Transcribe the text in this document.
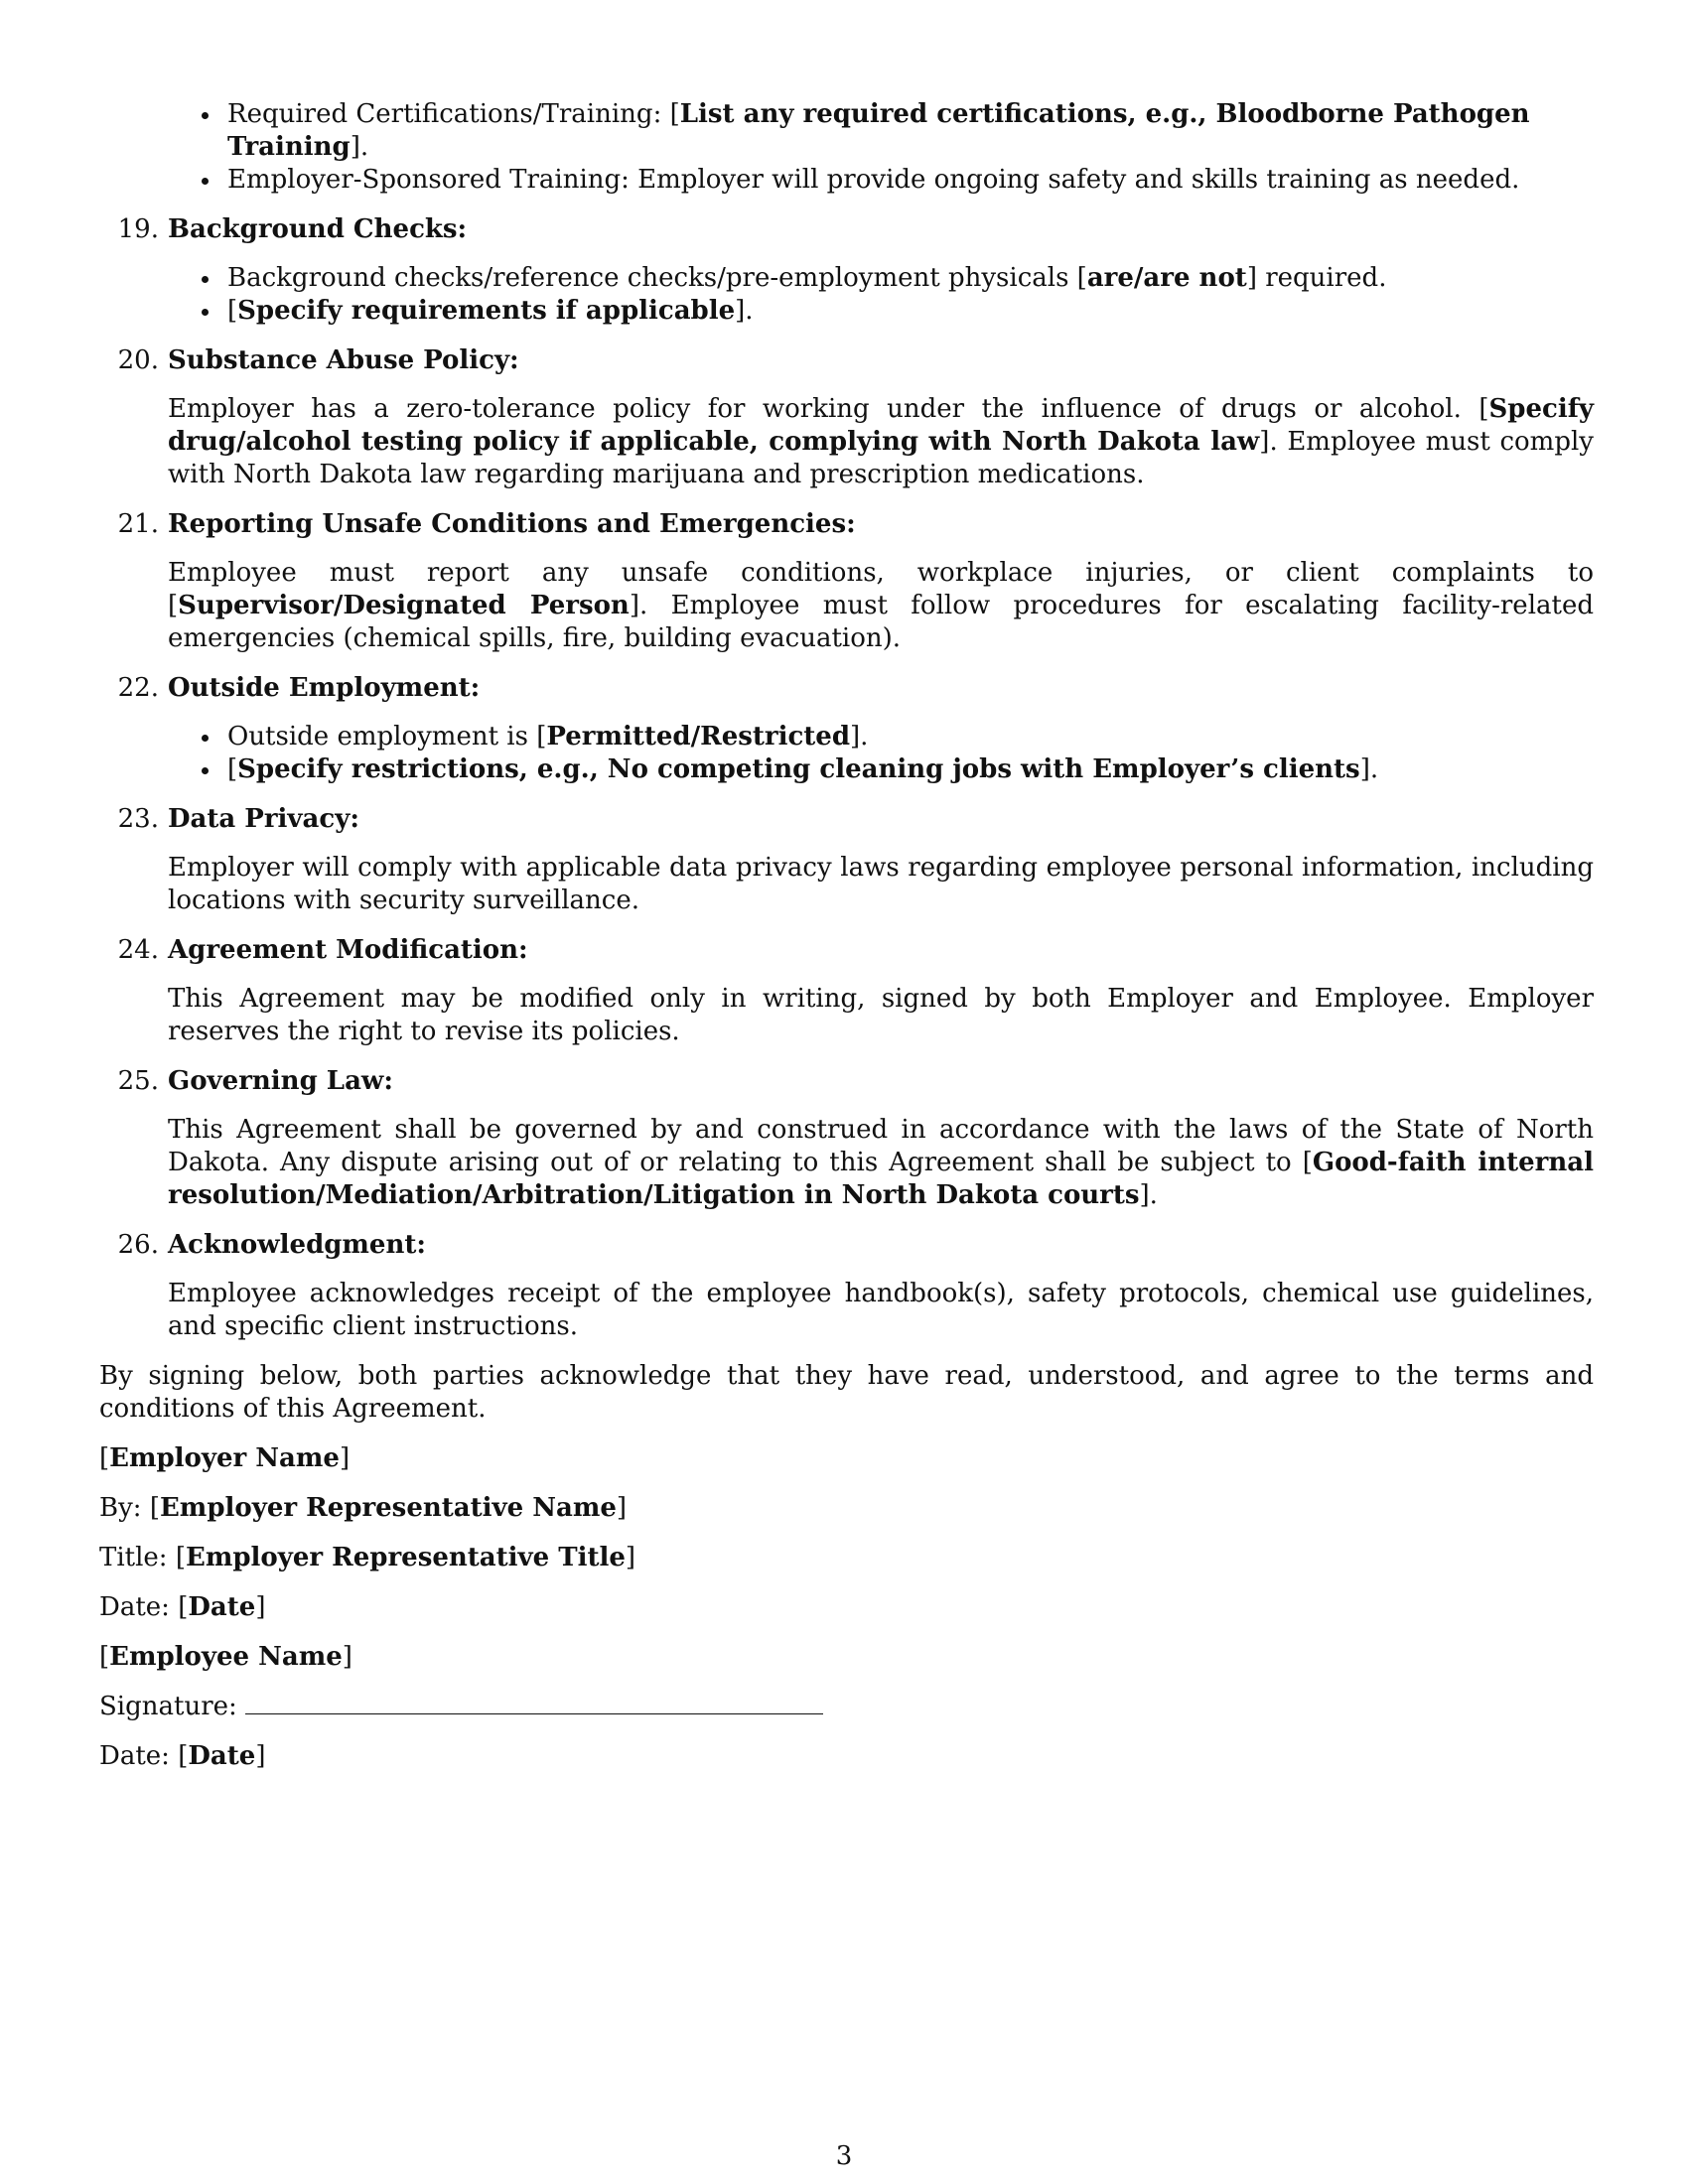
Required Certifications/Training: [List any required certifications, e.g., Bloodborne Pathogen Training].
Employer-Sponsored Training: Employer will provide ongoing safety and skills training as needed.
19. Background Checks:
Background checks/reference checks/pre-employment physicals [are/are not] required.
[Specify requirements if applicable].
20. Substance Abuse Policy:
Employer has a zero-tolerance policy for working under the influence of drugs or alcohol. [Specify drug/alcohol testing policy if applicable, complying with North Dakota law]. Employee must comply with North Dakota law regarding marijuana and prescription medications.
21. Reporting Unsafe Conditions and Emergencies:
Employee must report any unsafe conditions, workplace injuries, or client complaints to [Supervisor/Designated Person]. Employee must follow procedures for escalating facility-related emergencies (chemical spills, fire, building evacuation).
22. Outside Employment:
Outside employment is [Permitted/Restricted].
[Specify restrictions, e.g., No competing cleaning jobs with Employer’s clients].
23. Data Privacy:
Employer will comply with applicable data privacy laws regarding employee personal information, including locations with security surveillance.
24. Agreement Modification:
This Agreement may be modified only in writing, signed by both Employer and Employee. Employer reserves the right to revise its policies.
25. Governing Law:
This Agreement shall be governed by and construed in accordance with the laws of the State of North Dakota. Any dispute arising out of or relating to this Agreement shall be subject to [Good-faith internal resolution/Mediation/Arbitration/Litigation in North Dakota courts].
26. Acknowledgment:
Employee acknowledges receipt of the employee handbook(s), safety protocols, chemical use guidelines, and specific client instructions.
By signing below, both parties acknowledge that they have read, understood, and agree to the terms and conditions of this Agreement.
[Employer Name]
By: [Employer Representative Name]
Title: [Employer Representative Title]
Date: [Date]
[Employee Name]
Signature:
Date: [Date]
3
